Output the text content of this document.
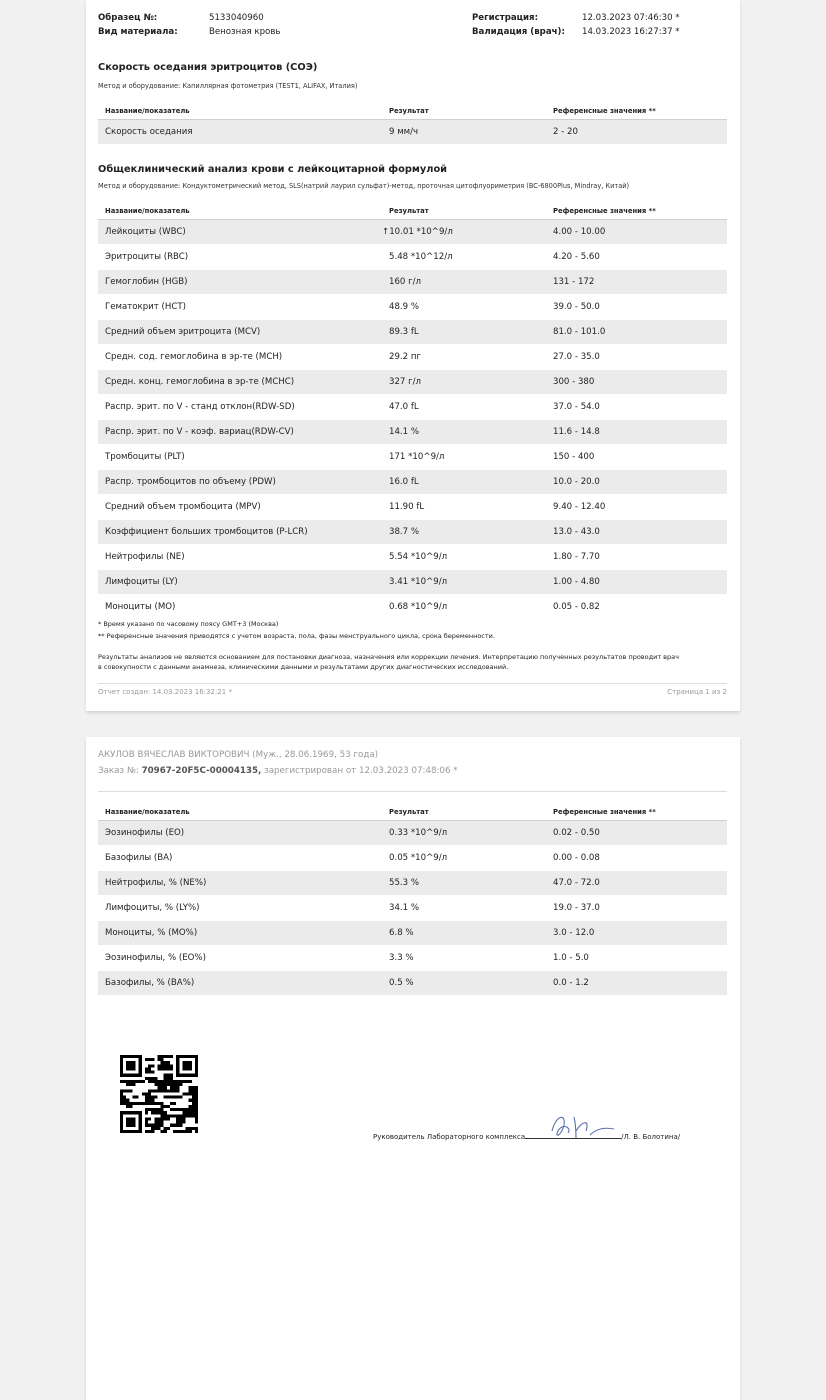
Образец №:	5133040960
Вид материала:	Венозная кровь
Регистрация:	12.03.2023 07:46:30 *
Валидация (врач): 14.03.2023 16:27:37 *
Скорость оседания эритроцитов (СОЭ)
Метод и оборудование: Капиллярная фотометрия (TEST1, ALIFAX, Италия)
Название/показатель	Результат	Референсные значения **
Скорость оседания	9 мм/ч	2 - 20
Общеклинический анализ крови с лейкоцитарной формулой
Метод и оборудование: Кондуктометрический метод, SLS(натрий лаурил сульфат)-метод, проточная цитофлуориметрия (BC-6800Plus, Mindray, Китай)
Название/показатель	Результат	Референсные значения **
Лейкоциты (WBC)	↑10.01 *10^9/л	4.00 - 10.00
Эритроциты (RBC)	5.48 *10^12/л	4.20 - 5.60
Гемоглобин (HGB)	160 г/л	131 - 172
Гематокрит (HCT)	48.9 %	39.0 - 50.0
Средний объем эритроцита (MCV)	89.3 fL	81.0 - 101.0
Средн. сод. гемоглобина в эр-те (MCH)	29.2 пг	27.0 - 35.0
Средн. конц. гемоглобина в эр-те (MCHC)	327 г/л	300 - 380
Распр. эрит. по V - станд отклон(RDW-SD)	47.0 fL	37.0 - 54.0
Распр. эрит. по V - коэф. вариац(RDW-CV)	14.1 %	11.6 - 14.8
Тромбоциты (PLT)	171 *10^9/л	150 - 400
Распр. тромбоцитов по объему (PDW)	16.0 fL	10.0 - 20.0
Средний объем тромбоцита (MPV)	11.90 fL	9.40 - 12.40
Коэффициент больших тромбоцитов (P-LCR)	38.7 %	13.0 - 43.0
Нейтрофилы (NE)	5.54 *10^9/л	1.80 - 7.70
Лимфоциты (LY)	3.41 *10^9/л	1.00 - 4.80
Моноциты (MO)	0.68 *10^9/л	0.05 - 0.82
* Время указано по часовому поясу GMT+3 (Москва)
** Референсные значения приводятся с учетом возраста, пола, фазы менструального цикла, срока беременности.
Результаты анализов не являются основанием для постановки диагноза, назначения или коррекции лечения. Интерпретацию полученных результатов проводит врач
в совокупности с данными анамнеза, клиническими данными и результатами других диагностических исследований.
Отчет создан: 14.03.2023 16:32:21 *	Страница 1 из 2
АКУЛОВ ВЯЧЕСЛАВ ВИКТОРОВИЧ (Муж., 28.06.1969, 53 года)
Заказ №: 70967-20F5C-00004135, зарегистрирован от 12.03.2023 07:48:06 *
Название/показатель	Результат	Референсные значения **
Эозинофилы (EO)	0.33 *10^9/л	0.02 - 0.50
Базофилы (BA)	0.05 *10^9/л	0.00 - 0.08
Нейтрофилы, % (NE%)	55.3 %	47.0 - 72.0
Лимфоциты, % (LY%)	34.1 %	19.0 - 37.0
Моноциты, % (MO%)	6.8 %	3.0 - 12.0
Эозинофилы, % (EO%)	3.3 %	1.0 - 5.0
Базофилы, % (BA%)	0.5 %	0.0 - 1.2
Руководитель Лабораторного комплекса	/Л. В. Болотина/
